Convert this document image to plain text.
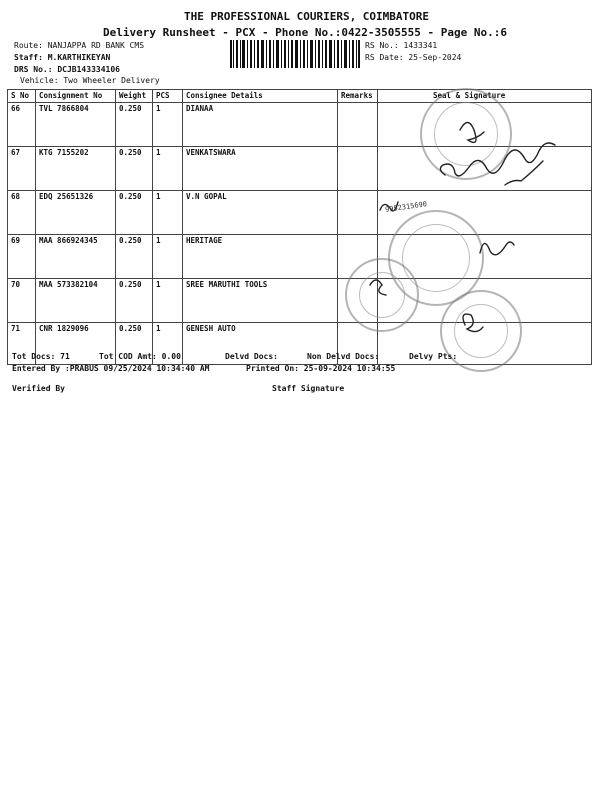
THE PROFESSIONAL COURIERS, COIMBATORE
Delivery Runsheet - PCX - Phone No.:0422-3505555 - Page No.:6
Route: NANJAPPA RD BANK CMS
Staff: M.KARTHIKEYAN
DRS No.: DCJB143334106
Vehicle: Two Wheeler Delivery
RS No.: 1433341
RS Date: 25-Sep-2024
S No	Consignment No	Weight	PCS	Consignee Details	Remarks	Seal & Signature
66	TVL 7866804	0.250	1	DIANAA		
67	KTG 7155202	0.250	1	VENKATSWARA		
68	EDQ 25651326	0.250	1	V.N GOPAL		
69	MAA 866924345	0.250	1	HERITAGE		
70	MAA 573382104	0.250	1	SREE MARUTHI TOOLS		
71	CNR 1829096	0.250	1	GENESH AUTO		
9952315690
Tot Docs: 71	Tot COD Amt: 0.00	Delvd Docs:	Non Delvd Docs:	Delvy Pts:
Entered By :PRABUS 09/25/2024 10:34:40 AM	Printed On: 25-09-2024 10:34:55
Verified By	Staff Signature
